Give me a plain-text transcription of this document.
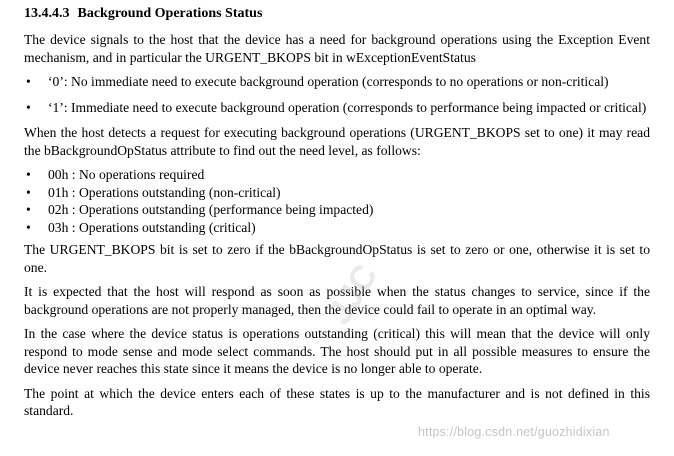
13.4.4.3 Background Operations Status

The device signals to the host that the device has a need for background operations using the Exception Event mechanism, and in particular the URGENT_BKOPS bit in wExceptionEventStatus

• ‘0’: No immediate need to execute background operation (corresponds to no operations or non-critical)
• ‘1’: Immediate need to execute background operation (corresponds to performance being impacted or critical)

When the host detects a request for executing background operations (URGENT_BKOPS set to one) it may read the bBackgroundOpStatus attribute to find out the need level, as follows:

• 00h : No operations required
• 01h : Operations outstanding (non-critical)
• 02h : Operations outstanding (performance being impacted)
• 03h : Operations outstanding (critical)

The URGENT_BKOPS bit is set to zero if the bBackgroundOpStatus is set to zero or one, otherwise it is set to one.

It is expected that the host will respond as soon as possible when the status changes to service, since if the background operations are not properly managed, then the device could fail to operate in an optimal way.

In the case where the device status is operations outstanding (critical) this will mean that the device will only respond to mode sense and mode select commands. The host should put in all possible measures to ensure the device never reaches this state since it means the device is no longer able to operate.

The point at which the device enters each of these states is up to the manufacturer and is not defined in this standard.

JJC
https://blog.csdn.net/guozhidixian
